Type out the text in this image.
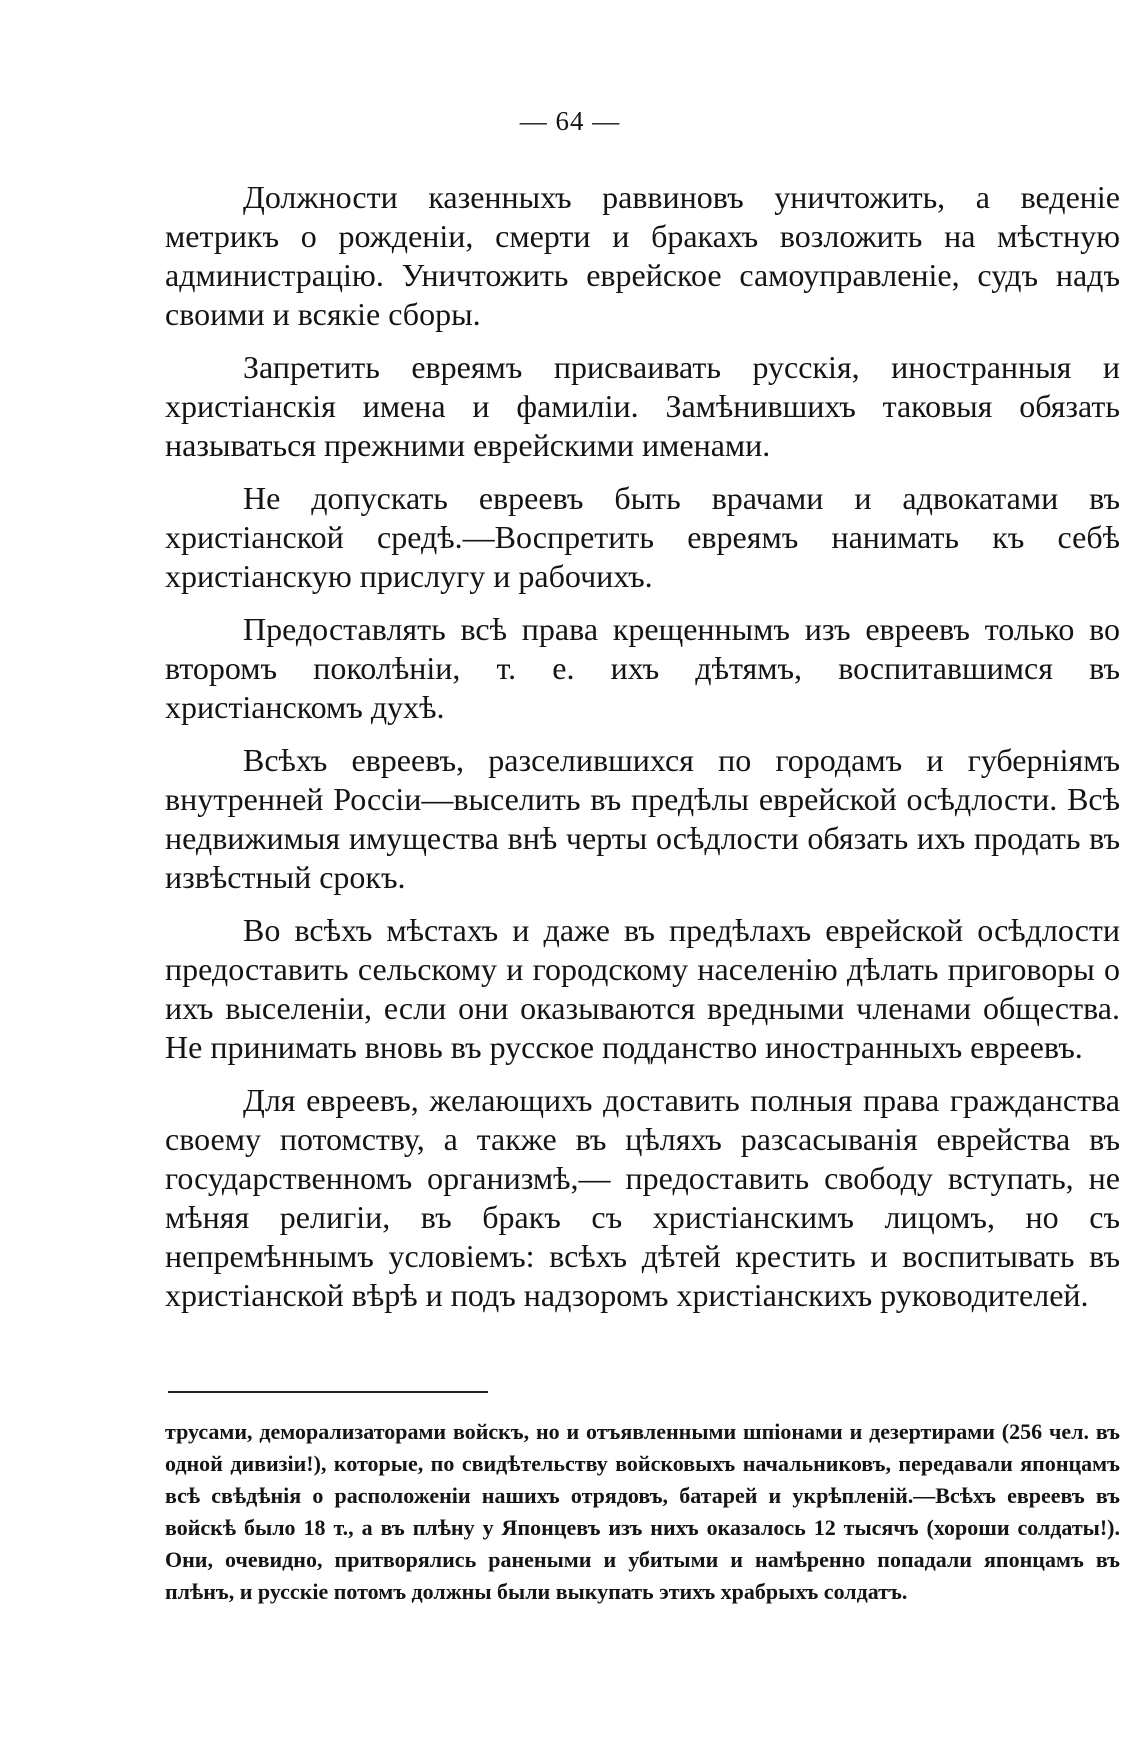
— 64 —

Должности казенныхъ раввиновъ уничтожить, а веденіе метрикъ о рожденіи, смерти и бракахъ возложить на мѣстную администрацію. Уничтожить еврейское самоуправленіе, судъ надъ своими и всякіе сборы.

Запретить евреямъ присваивать русскія, иностранныя и христіанскія имена и фамиліи. Замѣнившихъ таковыя обязать называться прежними еврейскими именами.

Не допускать евреевъ быть врачами и адвокатами въ христіанской средѣ.—Воспретить евреямъ нанимать къ себѣ христіанскую прислугу и рабочихъ.

Предоставлять всѣ права крещеннымъ изъ евреевъ только во второмъ поколѣніи, т. е. ихъ дѣтямъ, воспитавшимся въ христіанскомъ духѣ.

Всѣхъ евреевъ, разселившихся по городамъ и губерніямъ внутренней Россіи—выселить въ предѣлы еврейской осѣдлости. Всѣ недвижимыя имущества внѣ черты осѣдлости обязать ихъ продать въ извѣстный срокъ.

Во всѣхъ мѣстахъ и даже въ предѣлахъ еврейской осѣдлости предоставить сельскому и городскому населенію дѣлать приговоры о ихъ выселеніи, если они оказываются вредными членами общества. Не принимать вновь въ русское подданство иностранныхъ евреевъ.

Для евреевъ, желающихъ доставить полныя права гражданства своему потомству, а также въ цѣляхъ разсасыванія еврейства въ государственномъ организмѣ,— предоставить свободу вступать, не мѣняя религіи, въ бракъ съ христіанскимъ лицомъ, но съ непремѣннымъ условіемъ: всѣхъ дѣтей крестить и воспитывать въ христіанской вѣрѣ и подъ надзоромъ христіанскихъ руководителей.

трусами, деморализаторами войскъ, но и отъявленными шпіонами и дезертирами (256 чел. въ одной дивизіи!), которые, по свидѣтельству войсковыхъ начальниковъ, передавали японцамъ всѣ свѣдѣнія о расположеніи нашихъ отрядовъ, батарей и укрѣпленій.—Всѣхъ евреевъ въ войскѣ было 18 т., а въ плѣну у Японцевъ изъ нихъ оказалось 12 тысячъ (хороши солдаты!). Они, очевидно, притворялись ранеными и убитыми и намѣренно попадали японцамъ въ плѣнъ, и русскіе потомъ должны были выкупать этихъ храбрыхъ солдатъ.
